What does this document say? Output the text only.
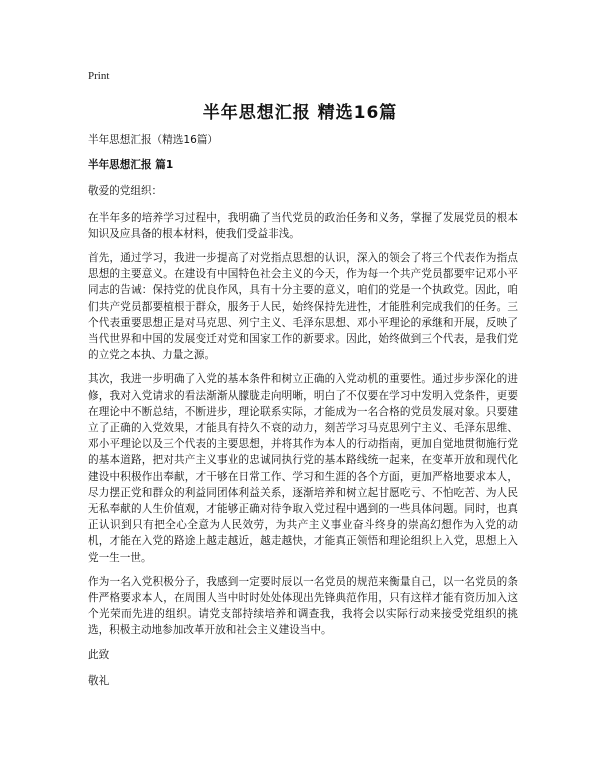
Print
半年思想汇报 精选16篇

半年思想汇报（精选16篇）

半年思想汇报 篇1

敬爱的党组织：

在半年多的培养学习过程中，我明确了当代党员的政治任务和义务，掌握了发展党员的根本知识及应具备的根本材料，使我们受益非浅。

首先，通过学习，我进一步提高了对党指点思想的认识，深入的领会了将三个代表作为指点思想的主要意义。在建设有中国特色社会主义的今天，作为每一个共产党员都要牢记邓小平同志的告诫：保持党的优良作风，具有十分主要的意义，咱们的党是一个执政党。因此，咱们共产党员都要植根于群众，服务于人民，始终保持先进性，才能胜利完成我们的任务。三个代表重要思想正是对马克思、列宁主义、毛泽东思想、邓小平理论的承继和开展，反映了当代世界和中国的发展变迁对党和国家工作的新要求。因此，始终做到三个代表，是我们党的立党之本执、力量之源。

其次，我进一步明确了入党的基本条件和树立正确的入党动机的重要性。通过步步深化的进修，我对入党请求的看法渐渐从朦胧走向明晰，明白了不仅要在学习中发明入党条件，更要在理论中不断总结，不断进步，理论联系实际，才能成为一名合格的党员发展对象。只要建立了正确的入党效果，才能具有持久不衰的动力，刻苦学习马克思列宁主义、毛泽东思维、邓小平理论以及三个代表的主要思想，并将其作为本人的行动指南，更加自觉地贯彻施行党的基本道路，把对共产主义事业的忠诚同执行党的基本路线统一起来，在变革开放和现代化建设中积极作出奉献，才干够在日常工作、学习和生涯的各个方面，更加严格地要求本人，尽力摆正党和群众的利益同团体利益关系，逐渐培养和树立起甘愿吃亏、不怕吃苦、为人民无私奉献的人生价值观，才能够正确对待争取入党过程中遇到的一些具体问题。同时，也真正认识到只有把全心全意为人民效劳，为共产主义事业奋斗终身的崇高幻想作为入党的动机，才能在入党的路途上越走越近，越走越快，才能真正领悟和理论组织上入党，思想上入党一生一世。

作为一名入党积极分子，我感到一定要时辰以一名党员的规范来衡量自己，以一名党员的条件严格要求本人，在周围人当中时时处处体现出先锋典范作用，只有这样才能有资历加入这个光荣而先进的组织。请党支部持续培养和调查我，我将会以实际行动来接受党组织的挑选，积极主动地参加改革开放和社会主义建设当中。

此致

敬礼
